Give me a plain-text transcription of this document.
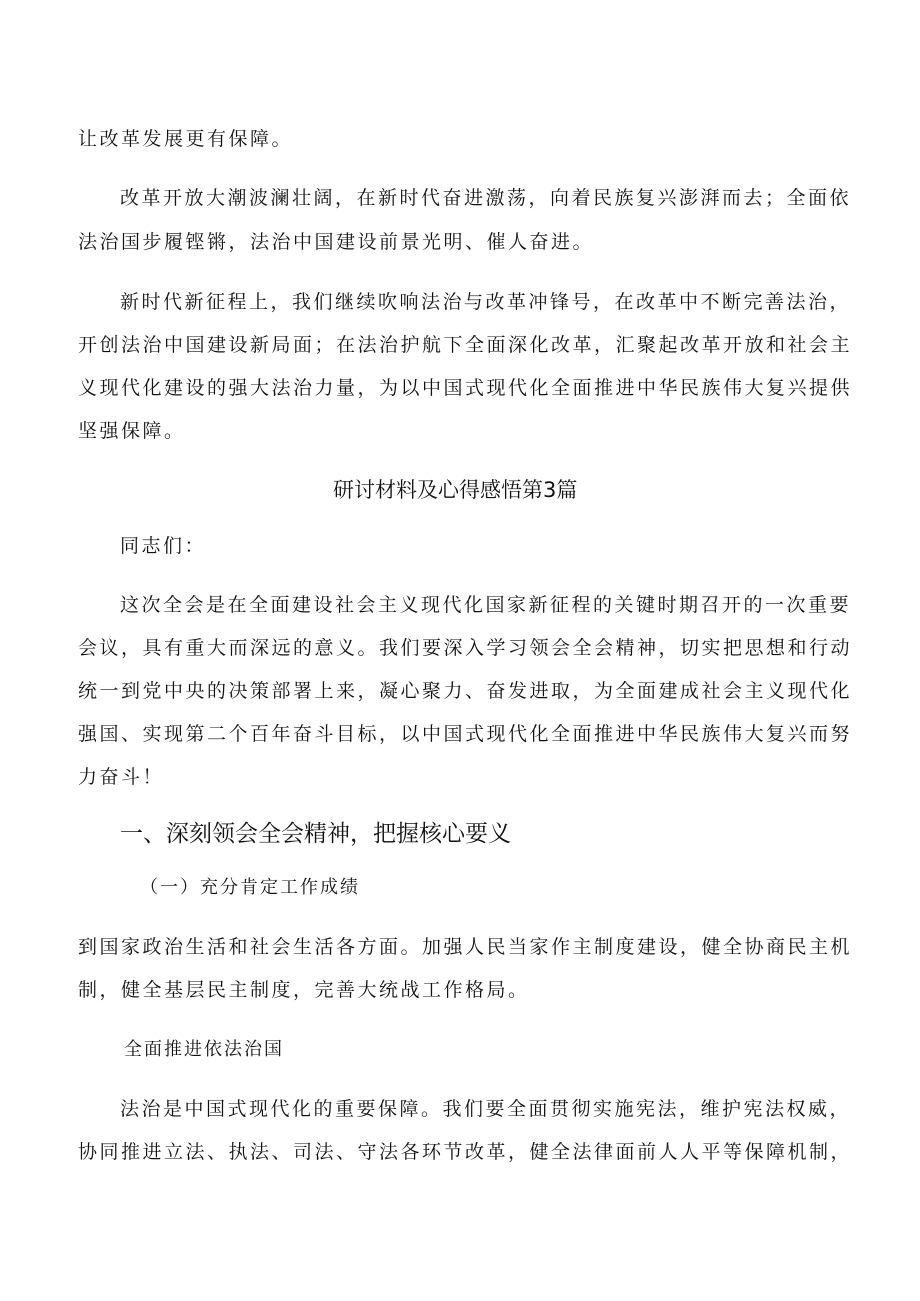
让改革发展更有保障。
改革开放大潮波澜壮阔，在新时代奋进激荡，向着民族复兴澎湃而去；全面依
法治国步履铿锵，法治中国建设前景光明、催人奋进。
新时代新征程上，我们继续吹响法治与改革冲锋号，在改革中不断完善法治，
开创法治中国建设新局面；在法治护航下全面深化改革，汇聚起改革开放和社会主
义现代化建设的强大法治力量，为以中国式现代化全面推进中华民族伟大复兴提供
坚强保障。
研讨材料及心得感悟第3篇
同志们：
这次全会是在全面建设社会主义现代化国家新征程的关键时期召开的一次重要
会议，具有重大而深远的意义。我们要深入学习领会全会精神，切实把思想和行动
统一到党中央的决策部署上来，凝心聚力、奋发进取，为全面建成社会主义现代化
强国、实现第二个百年奋斗目标，以中国式现代化全面推进中华民族伟大复兴而努
力奋斗！
一、深刻领会全会精神，把握核心要义
（一）充分肯定工作成绩
到国家政治生活和社会生活各方面。加强人民当家作主制度建设，健全协商民主机
制，健全基层民主制度，完善大统战工作格局。
全面推进依法治国
法治是中国式现代化的重要保障。我们要全面贯彻实施宪法，维护宪法权威，
协同推进立法、执法、司法、守法各环节改革，健全法律面前人人平等保障机制，
